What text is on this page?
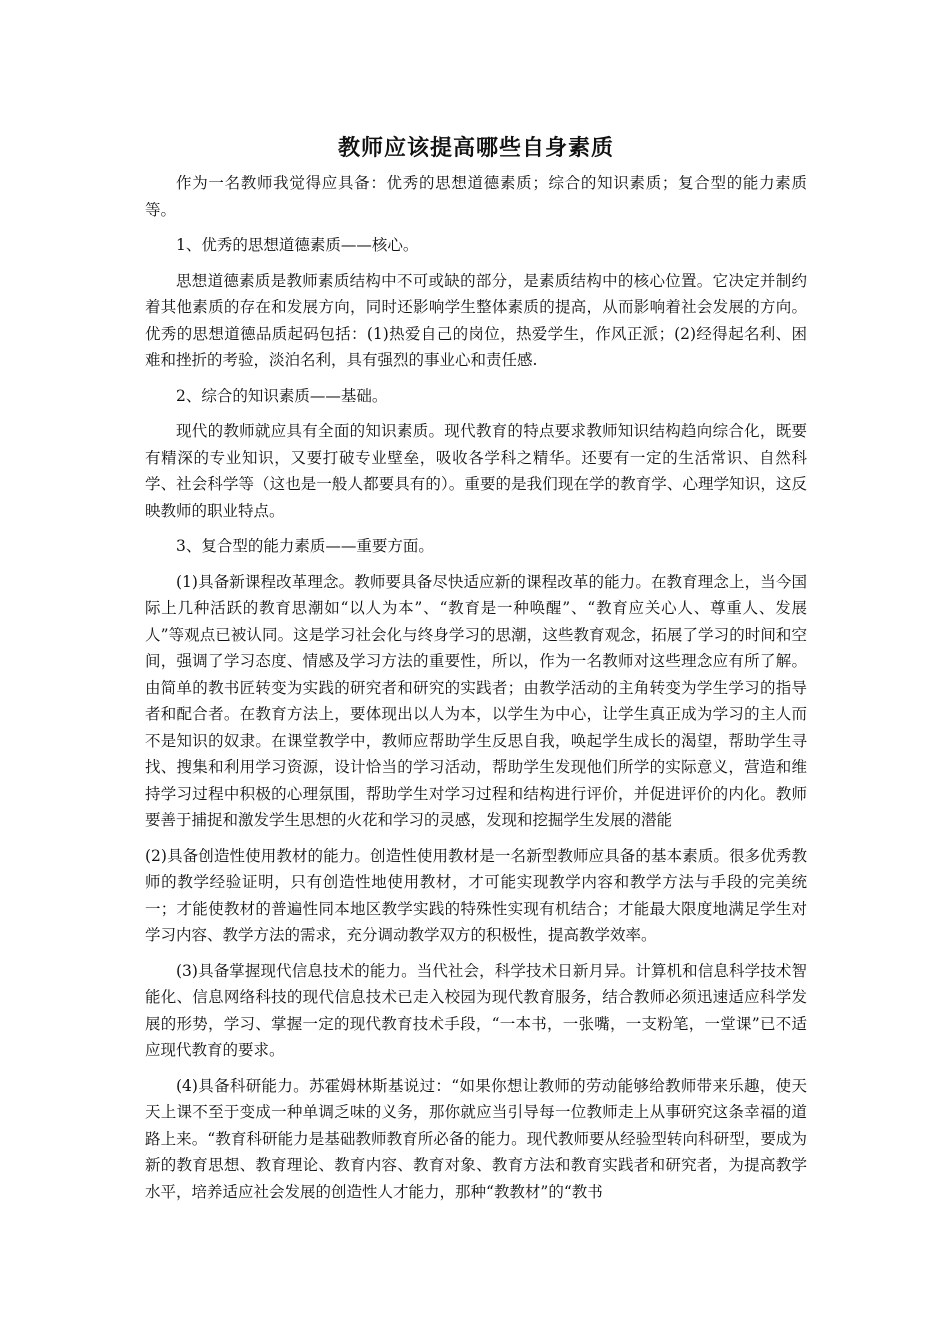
教师应该提高哪些自身素质

作为一名教师我觉得应具备：优秀的思想道德素质；综合的知识素质；复合型的能力素质等。

1、优秀的思想道德素质——核心。

思想道德素质是教师素质结构中不可或缺的部分，是素质结构中的核心位置。它决定并制约着其他素质的存在和发展方向，同时还影响学生整体素质的提高，从而影响着社会发展的方向。优秀的思想道德品质起码包括：(1)热爱自己的岗位，热爱学生，作风正派；(2)经得起名利、困难和挫折的考验，淡泊名利，具有强烈的事业心和责任感.

2、综合的知识素质——基础。

现代的教师就应具有全面的知识素质。现代教育的特点要求教师知识结构趋向综合化，既要有精深的专业知识，又要打破专业壁垒，吸收各学科之精华。还要有一定的生活常识、自然科学、社会科学等（这也是一般人都要具有的）。重要的是我们现在学的教育学、心理学知识，这反映教师的职业特点。

3、复合型的能力素质——重要方面。

(1)具备新课程改革理念。教师要具备尽快适应新的课程改革的能力。在教育理念上，当今国际上几种活跃的教育思潮如“以人为本”、“教育是一种唤醒”、“教育应关心人、尊重人、发展人”等观点已被认同。这是学习社会化与终身学习的思潮，这些教育观念，拓展了学习的时间和空间，强调了学习态度、情感及学习方法的重要性，所以，作为一名教师对这些理念应有所了解。由简单的教书匠转变为实践的研究者和研究的实践者；由教学活动的主角转变为学生学习的指导者和配合者。在教育方法上，要体现出以人为本，以学生为中心，让学生真正成为学习的主人而不是知识的奴隶。在课堂教学中，教师应帮助学生反思自我，唤起学生成长的渴望，帮助学生寻找、搜集和利用学习资源，设计恰当的学习活动，帮助学生发现他们所学的实际意义，营造和维持学习过程中积极的心理氛围，帮助学生对学习过程和结构进行评价，并促进评价的内化。教师要善于捕捉和激发学生思想的火花和学习的灵感，发现和挖掘学生发展的潜能

(2)具备创造性使用教材的能力。创造性使用教材是一名新型教师应具备的基本素质。很多优秀教师的教学经验证明，只有创造性地使用教材，才可能实现教学内容和教学方法与手段的完美统一；才能使教材的普遍性同本地区教学实践的特殊性实现有机结合；才能最大限度地满足学生对学习内容、教学方法的需求，充分调动教学双方的积极性，提高教学效率。

(3)具备掌握现代信息技术的能力。当代社会，科学技术日新月异。计算机和信息科学技术智能化、信息网络科技的现代信息技术已走入校园为现代教育服务，结合教师必须迅速适应科学发展的形势，学习、掌握一定的现代教育技术手段，“一本书，一张嘴，一支粉笔，一堂课”已不适应现代教育的要求。

(4)具备科研能力。苏霍姆林斯基说过：“如果你想让教师的劳动能够给教师带来乐趣，使天天上课不至于变成一种单调乏味的义务，那你就应当引导每一位教师走上从事研究这条幸福的道路上来。“教育科研能力是基础教师教育所必备的能力。现代教师要从经验型转向科研型，要成为新的教育思想、教育理论、教育内容、教育对象、教育方法和教育实践者和研究者，为提高教学水平，培养适应社会发展的创造性人才能力，那种“教教材”的“教书
